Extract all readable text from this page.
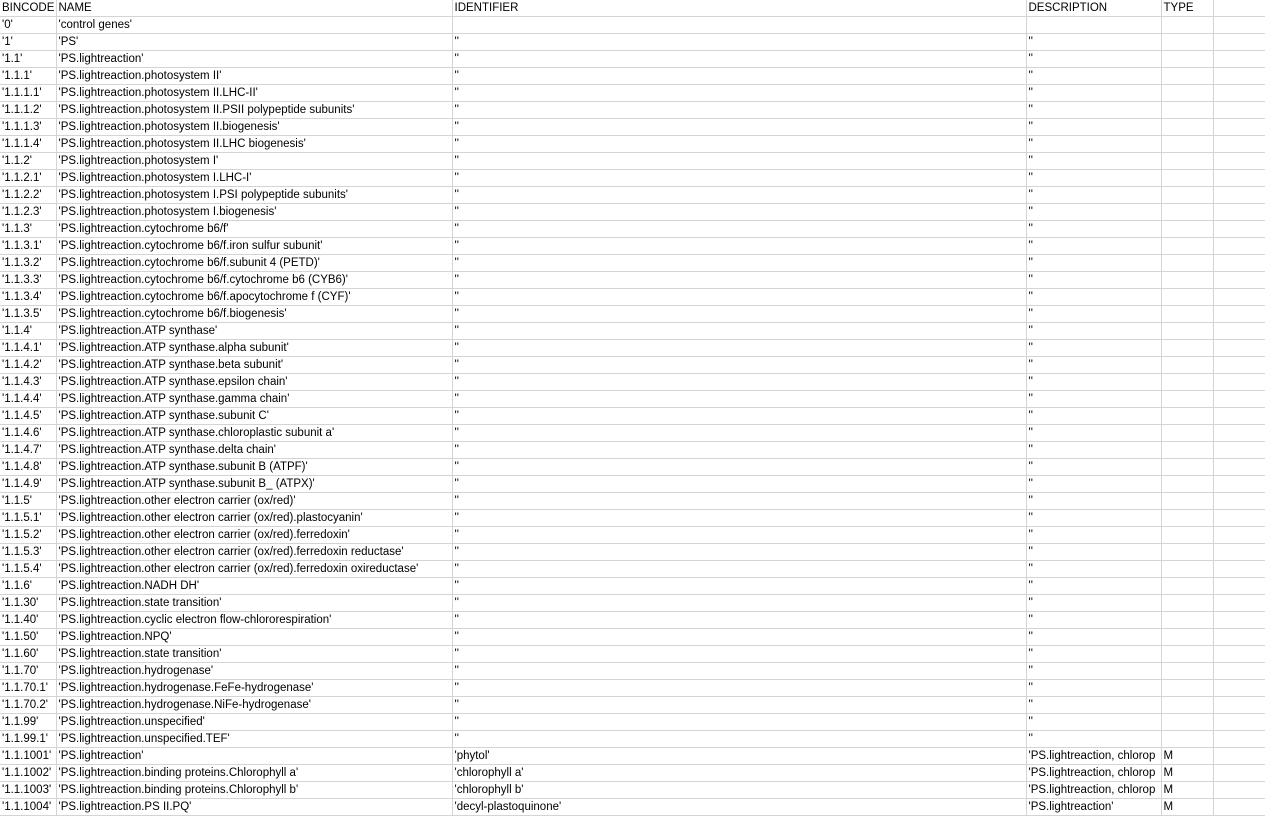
BINCODE	NAME	IDENTIFIER	DESCRIPTION	TYPE	
'0'	'control genes'				
'1'	'PS'	''	''		
'1.1'	'PS.lightreaction'	''	''		
'1.1.1'	'PS.lightreaction.photosystem II'	''	''		
'1.1.1.1'	'PS.lightreaction.photosystem II.LHC-II'	''	''		
'1.1.1.2'	'PS.lightreaction.photosystem II.PSII polypeptide subunits'	''	''		
'1.1.1.3'	'PS.lightreaction.photosystem II.biogenesis'	''	''		
'1.1.1.4'	'PS.lightreaction.photosystem II.LHC biogenesis'	''	''		
'1.1.2'	'PS.lightreaction.photosystem I'	''	''		
'1.1.2.1'	'PS.lightreaction.photosystem I.LHC-I'	''	''		
'1.1.2.2'	'PS.lightreaction.photosystem I.PSI polypeptide subunits'	''	''		
'1.1.2.3'	'PS.lightreaction.photosystem I.biogenesis'	''	''		
'1.1.3'	'PS.lightreaction.cytochrome b6/f'	''	''		
'1.1.3.1'	'PS.lightreaction.cytochrome b6/f.iron sulfur subunit'	''	''		
'1.1.3.2'	'PS.lightreaction.cytochrome b6/f.subunit 4 (PETD)'	''	''		
'1.1.3.3'	'PS.lightreaction.cytochrome b6/f.cytochrome b6 (CYB6)'	''	''		
'1.1.3.4'	'PS.lightreaction.cytochrome b6/f.apocytochrome f (CYF)'	''	''		
'1.1.3.5'	'PS.lightreaction.cytochrome b6/f.biogenesis'	''	''		
'1.1.4'	'PS.lightreaction.ATP synthase'	''	''		
'1.1.4.1'	'PS.lightreaction.ATP synthase.alpha subunit'	''	''		
'1.1.4.2'	'PS.lightreaction.ATP synthase.beta subunit'	''	''		
'1.1.4.3'	'PS.lightreaction.ATP synthase.epsilon chain'	''	''		
'1.1.4.4'	'PS.lightreaction.ATP synthase.gamma chain'	''	''		
'1.1.4.5'	'PS.lightreaction.ATP synthase.subunit C'	''	''		
'1.1.4.6'	'PS.lightreaction.ATP synthase.chloroplastic subunit a'	''	''		
'1.1.4.7'	'PS.lightreaction.ATP synthase.delta chain'	''	''		
'1.1.4.8'	'PS.lightreaction.ATP synthase.subunit B (ATPF)'	''	''		
'1.1.4.9'	'PS.lightreaction.ATP synthase.subunit B_ (ATPX)'	''	''		
'1.1.5'	'PS.lightreaction.other electron carrier (ox/red)'	''	''		
'1.1.5.1'	'PS.lightreaction.other electron carrier (ox/red).plastocyanin'	''	''		
'1.1.5.2'	'PS.lightreaction.other electron carrier (ox/red).ferredoxin'	''	''		
'1.1.5.3'	'PS.lightreaction.other electron carrier (ox/red).ferredoxin reductase'	''	''		
'1.1.5.4'	'PS.lightreaction.other electron carrier (ox/red).ferredoxin oxireductase'	''	''		
'1.1.6'	'PS.lightreaction.NADH DH'	''	''		
'1.1.30'	'PS.lightreaction.state transition'	''	''		
'1.1.40'	'PS.lightreaction.cyclic electron flow-chlororespiration'	''	''		
'1.1.50'	'PS.lightreaction.NPQ'	''	''		
'1.1.60'	'PS.lightreaction.state transition'	''	''		
'1.1.70'	'PS.lightreaction.hydrogenase'	''	''		
'1.1.70.1'	'PS.lightreaction.hydrogenase.FeFe-hydrogenase'	''	''		
'1.1.70.2'	'PS.lightreaction.hydrogenase.NiFe-hydrogenase'	''	''		
'1.1.99'	'PS.lightreaction.unspecified'	''	''		
'1.1.99.1'	'PS.lightreaction.unspecified.TEF'	''	''		
'1.1.1001'	'PS.lightreaction'	'phytol'	'PS.lightreaction, chlorop	M	
'1.1.1002'	'PS.lightreaction.binding proteins.Chlorophyll a'	'chlorophyll a'	'PS.lightreaction, chlorop	M	
'1.1.1003'	'PS.lightreaction.binding proteins.Chlorophyll b'	'chlorophyll b'	'PS.lightreaction, chlorop	M	
'1.1.1004'	'PS.lightreaction.PS II.PQ'	'decyl-plastoquinone'	'PS.lightreaction'	M	
